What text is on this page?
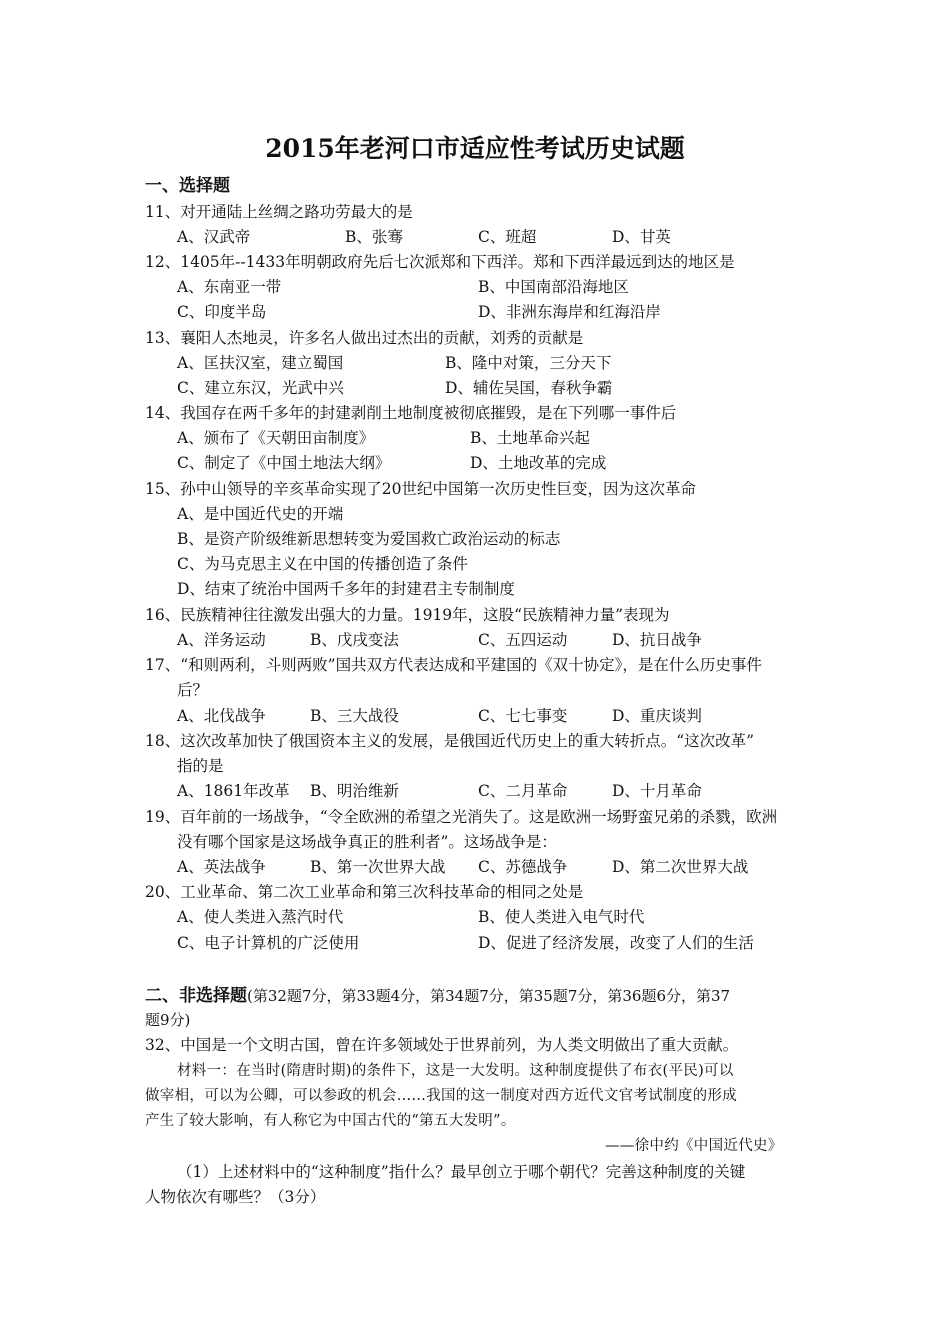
2015年老河口市适应性考试历史试题
一、选择题
11、对开通陆上丝绸之路功劳最大的是
A、汉武帝	B、张骞	C、班超	D、甘英
12、1405年--1433年明朝政府先后七次派郑和下西洋。郑和下西洋最远到达的地区是
A、东南亚一带	B、中国南部沿海地区
C、印度半岛	D、非洲东海岸和红海沿岸
13、襄阳人杰地灵，许多名人做出过杰出的贡献，刘秀的贡献是
A、匡扶汉室，建立蜀国	B、隆中对策，三分天下
C、建立东汉，光武中兴	D、辅佐吴国，春秋争霸
14、我国存在两千多年的封建剥削土地制度被彻底摧毁，是在下列哪一事件后
A、颁布了《天朝田亩制度》	B、土地革命兴起
C、制定了《中国土地法大纲》	D、土地改革的完成
15、孙中山领导的辛亥革命实现了20世纪中国第一次历史性巨变，因为这次革命
A、是中国近代史的开端
B、是资产阶级维新思想转变为爱国救亡政治运动的标志
C、为马克思主义在中国的传播创造了条件
D、结束了统治中国两千多年的封建君主专制制度
16、民族精神往往激发出强大的力量。1919年，这股“民族精神力量”表现为
A、洋务运动	B、戊戌变法	C、五四运动	D、抗日战争
17、“和则两利，斗则两败”国共双方代表达成和平建国的《双十协定》，是在什么历史事件
后？
A、北伐战争	B、三大战役	C、七七事变	D、重庆谈判
18、这次改革加快了俄国资本主义的发展，是俄国近代历史上的重大转折点。“这次改革”
指的是
A、1861年改革 B、明治维新	C、二月革命	D、十月革命
19、百年前的一场战争，“令全欧洲的希望之光消失了。这是欧洲一场野蛮兄弟的杀戮，欧洲
没有哪个国家是这场战争真正的胜利者”。这场战争是：
A、英法战争	B、第一次世界大战 C、苏德战争	D、第二次世界大战
20、工业革命、第二次工业革命和第三次科技革命的相同之处是
A、使人类进入蒸汽时代	B、使人类进入电气时代
C、电子计算机的广泛使用	D、促进了经济发展，改变了人们的生活
二、非选择题(第32题7分，第33题4分，第34题7分，第35题7分，第36题6分，第37
题9分)
32、中国是一个文明古国，曾在许多领域处于世界前列，为人类文明做出了重大贡献。
材料一：在当时(隋唐时期)的条件下，这是一大发明。这种制度提供了布衣(平民)可以
做宰相，可以为公卿，可以参政的机会……我国的这一制度对西方近代文官考试制度的形成
产生了较大影响，有人称它为中国古代的“第五大发明”。
——徐中约《中国近代史》
（1）上述材料中的“这种制度”指什么？最早创立于哪个朝代？完善这种制度的关键
人物依次有哪些？（3分）
